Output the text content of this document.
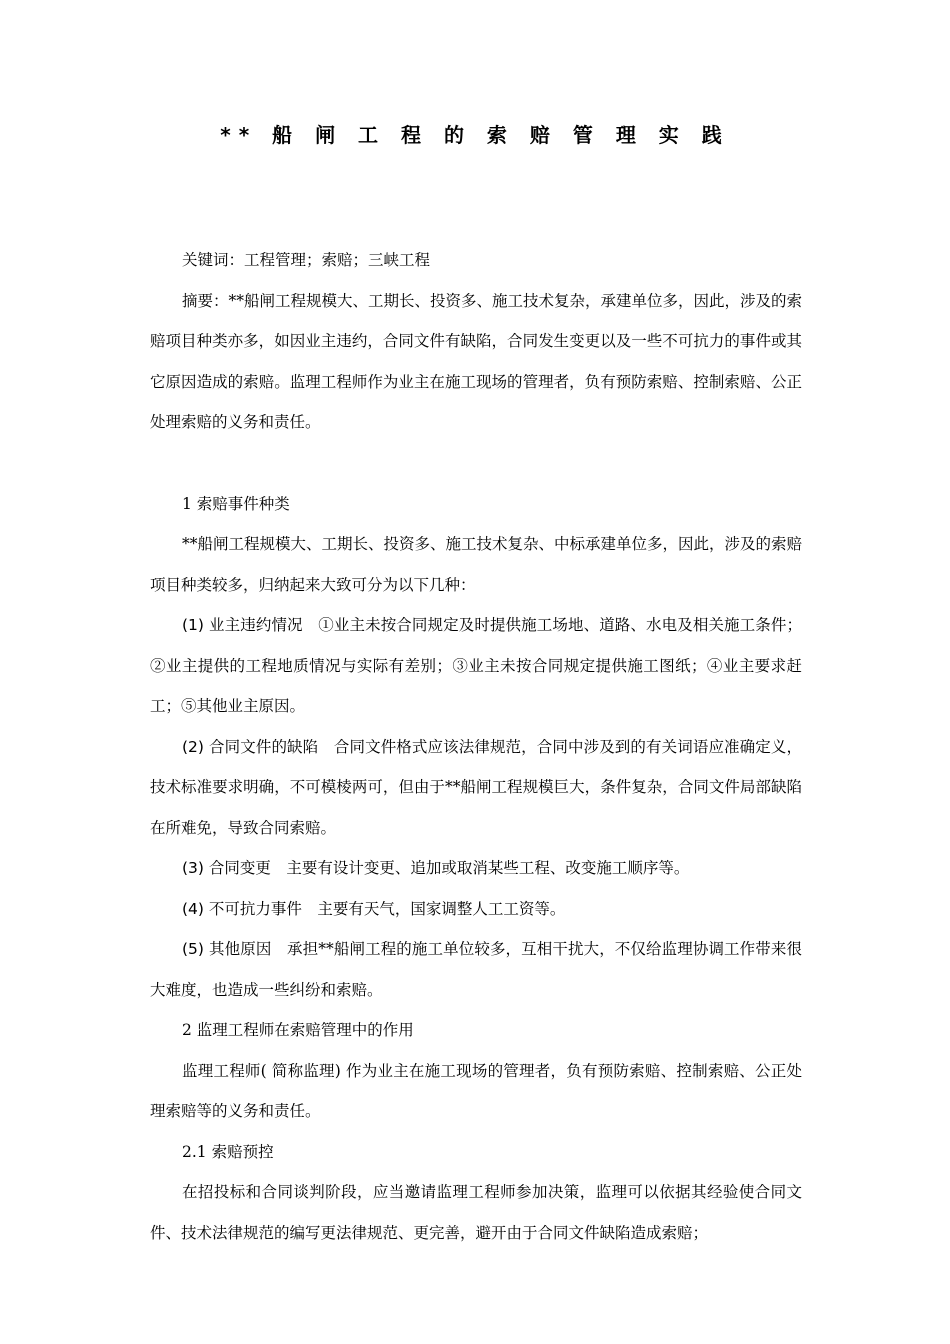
** 船 闸 工 程 的 索 赔 管 理 实 践

关键词：工程管理；索赔；三峡工程

摘要：**船闸工程规模大、工期长、投资多、施工技术复杂，承建单位多，因此，涉及的索赔项目种类亦多，如因业主违约，合同文件有缺陷，合同发生变更以及一些不可抗力的事件或其它原因造成的索赔。监理工程师作为业主在施工现场的管理者，负有预防索赔、控制索赔、公正处理索赔的义务和责任。

1 索赔事件种类

**船闸工程规模大、工期长、投资多、施工技术复杂、中标承建单位多，因此，涉及的索赔项目种类较多，归纳起来大致可分为以下几种：

(1) 业主违约情况　①业主未按合同规定及时提供施工场地、道路、水电及相关施工条件；②业主提供的工程地质情况与实际有差别；③业主未按合同规定提供施工图纸；④业主要求赶工；⑤其他业主原因。

(2) 合同文件的缺陷　合同文件格式应该法律规范，合同中涉及到的有关词语应准确定义，技术标准要求明确，不可模棱两可，但由于**船闸工程规模巨大，条件复杂，合同文件局部缺陷在所难免，导致合同索赔。

(3) 合同变更　主要有设计变更、追加或取消某些工程、改变施工顺序等。

(4) 不可抗力事件　主要有天气，国家调整人工工资等。

(5) 其他原因　承担**船闸工程的施工单位较多，互相干扰大，不仅给监理协调工作带来很大难度，也造成一些纠纷和索赔。

2 监理工程师在索赔管理中的作用

监理工程师( 简称监理) 作为业主在施工现场的管理者，负有预防索赔、控制索赔、公正处理索赔等的义务和责任。

2.1 索赔预控

在招投标和合同谈判阶段，应当邀请监理工程师参加决策，监理可以依据其经验使合同文件、技术法律规范的编写更法律规范、更完善，避开由于合同文件缺陷造成索赔；
